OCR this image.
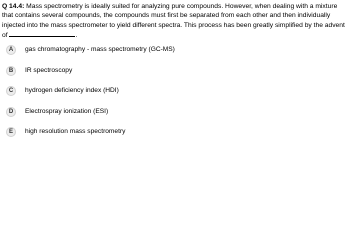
Q 14.4: Mass spectrometry is ideally suited for analyzing pure compounds. However, when dealing with a mixture that contains several compounds, the compounds must first be separated from each other and then individually injected into the mass spectrometer to yield different spectra. This process has been greatly simplified by the advent of	.

A	gas chromatography - mass spectrometry (GC-MS)
B	IR spectroscopy
C	hydrogen deficiency index (HDI)
D	Electrospray ionization (ESI)
E	high resolution mass spectrometry
